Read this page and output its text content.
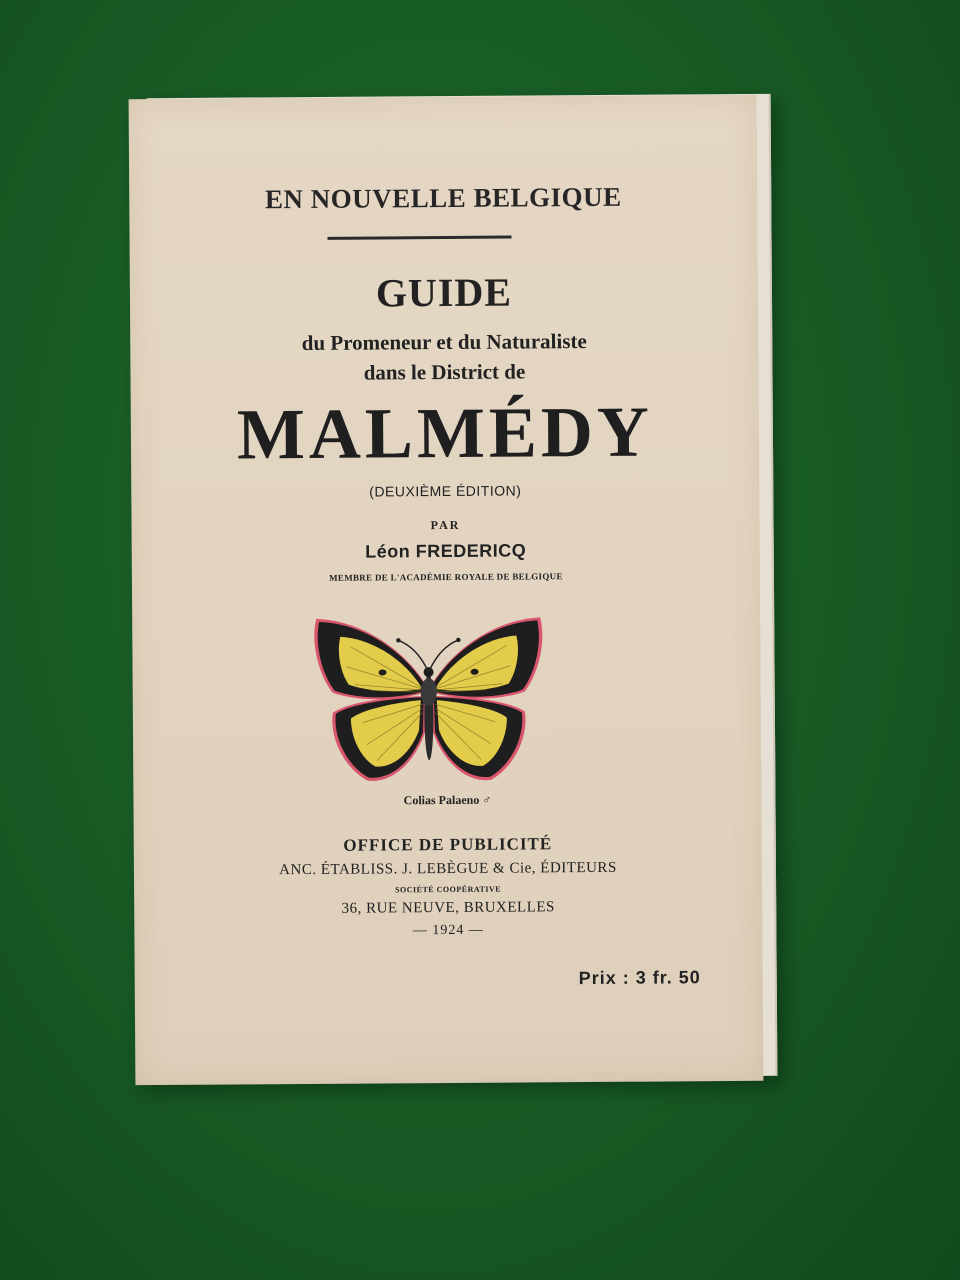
EN NOUVELLE BELGIQUE
GUIDE
du Promeneur et du Naturaliste
dans le District de
MALMÉDY
(DEUXIÈME ÉDITION)
PAR
Léon FREDERICQ
MEMBRE DE L'ACADÉMIE ROYALE DE BELGIQUE
Colias Palaeno ♂
OFFICE DE PUBLICITÉ
ANC. ÉTABLISS. J. LEBÈGUE & Cie, ÉDITEURS
SOCIÉTÉ COOPÉRATIVE
36, RUE NEUVE, BRUXELLES
— 1924 —
Prix : 3 fr. 50
